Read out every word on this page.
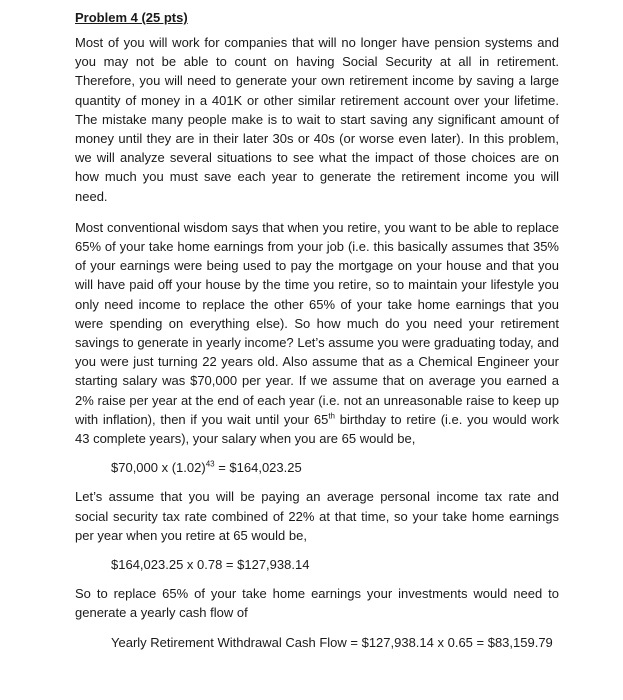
Problem 4 (25 pts)

Most of you will work for companies that will no longer have pension systems and you may not be able to count on having Social Security at all in retirement. Therefore, you will need to generate your own retirement income by saving a large quantity of money in a 401K or other similar retirement account over your lifetime. The mistake many people make is to wait to start saving any significant amount of money until they are in their later 30s or 40s (or worse even later). In this problem, we will analyze several situations to see what the impact of those choices are on how much you must save each year to generate the retirement income you will need.

Most conventional wisdom says that when you retire, you want to be able to replace 65% of your take home earnings from your job (i.e. this basically assumes that 35% of your earnings were being used to pay the mortgage on your house and that you will have paid off your house by the time you retire, so to maintain your lifestyle you only need income to replace the other 65% of your take home earnings that you were spending on everything else). So how much do you need your retirement savings to generate in yearly income? Let’s assume you were graduating today, and you were just turning 22 years old. Also assume that as a Chemical Engineer your starting salary was $70,000 per year. If we assume that on average you earned a 2% raise per year at the end of each year (i.e. not an unreasonable raise to keep up with inflation), then if you wait until your 65th birthday to retire (i.e. you would work 43 complete years), your salary when you are 65 would be,

$70,000 x $(1.02)^{43}$ = $164,023.25

Let’s assume that you will be paying an average personal income tax rate and social security tax rate combined of 22% at that time, so your take home earnings per year when you retire at 65 would be,

$164,023.25 x 0.78 = $127,938.14

So to replace 65% of your take home earnings your investments would need to generate a yearly cash flow of

Yearly Retirement Withdrawal Cash Flow = $127,938.14 x 0.65 = $83,159.79
